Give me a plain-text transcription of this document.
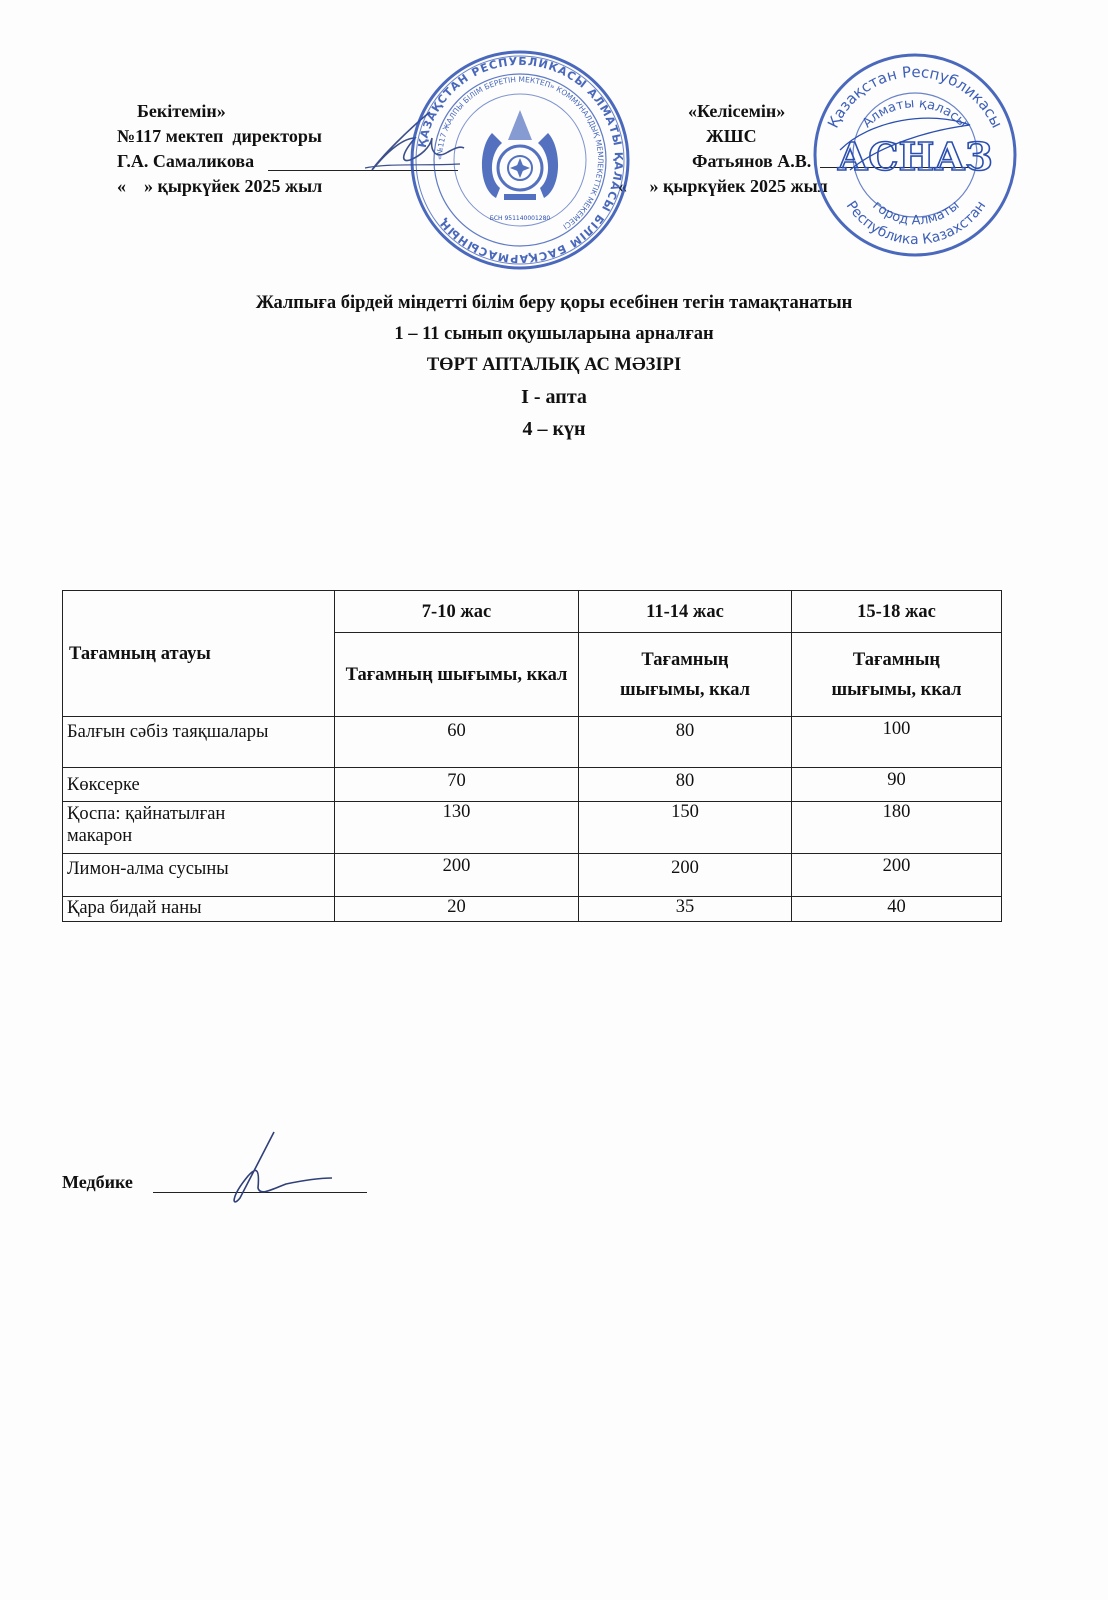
Бекітемін»
№117 мектеп  директоры
Г.А. Самаликова
«    » қыркүйек 2025 жыл
«Келісемін»
ЖШС
Фатьянов А.В.
«     » қыркүйек 2025 жыл
ҚАЗАҚСТАН РЕСПУБЛИКАСЫ АЛМАТЫ ҚАЛАСЫ БІЛІМ БАСҚАРМАСЫНЫҢ
«№117 ЖАЛПЫ БІЛІМ БЕРЕТІН МЕКТЕП» КОММУНАЛДЫҚ МЕМЛЕКЕТТІК МЕКЕМЕСІ
БСН 951140001280
Қазақстан Республикасы
Алматы қаласы
АСНАЗ
Республика Казахстан
город Алматы
Жалпыға бірдей міндетті білім беру қоры есебінен тегін тамақтанатын
1 – 11 сынып оқушыларына арналған
ТӨРТ АПТАЛЫҚ АС МӘЗІРІ
I - апта
4 – күн
Тағамның атауы	7-10 жас	11-14 жас	15-18 жас
	Тағамның шығымы, ккал	Тағамның шығымы, ккал	Тағамның шығымы, ккал
Балғын сәбіз таяқшалары	60	80	100
Көксерке	70	80	90
Қоспа: қайнатылған макарон	130	150	180
Лимон-алма сусыны	200	200	200
Қара бидай наны	20	35	40
Медбике
